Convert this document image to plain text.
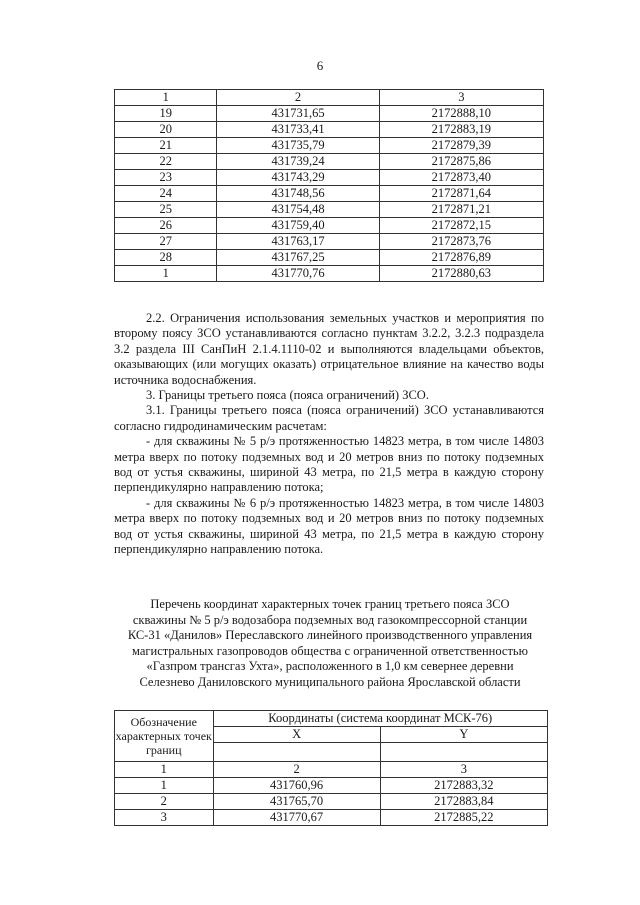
6
1	2	3
19	431731,65	2172888,10
20	431733,41	2172883,19
21	431735,79	2172879,39
22	431739,24	2172875,86
23	431743,29	2172873,40
24	431748,56	2172871,64
25	431754,48	2172871,21
26	431759,40	2172872,15
27	431763,17	2172873,76
28	431767,25	2172876,89
1	431770,76	2172880,63

2.2. Ограничения использования земельных участков и мероприятия по второму поясу ЗСО устанавливаются согласно пунктам 3.2.2, 3.2.3 подраздела 3.2 раздела III СанПиН 2.1.4.1110-02 и выполняются владельцами объектов, оказывающих (или могущих оказать) отрицательное влияние на качество воды источника водоснабжения.

3. Границы третьего пояса (пояса ограничений) ЗСО.

3.1. Границы третьего пояса (пояса ограничений) ЗСО устанавливаются согласно гидродинамическим расчетам:

- для скважины № 5 р/э протяженностью 14823 метра, в том числе 14803 метра вверх по потоку подземных вод и 20 метров вниз по потоку подземных вод от устья скважины, шириной 43 метра, по 21,5 метра в каждую сторону перпендикулярно направлению потока;

- для скважины № 6 р/э протяженностью 14823 метра, в том числе 14803 метра вверх по потоку подземных вод и 20 метров вниз по потоку подземных вод от устья скважины, шириной 43 метра, по 21,5 метра в каждую сторону перпендикулярно направлению потока.

Перечень координат характерных точек границ третьего пояса ЗСО

скважины № 5 р/э водозабора подземных вод газокомпрессорной станции

КС-31 «Данилов» Переславского линейного производственного управления

магистральных газопроводов общества с ограниченной ответственностью

«Газпром трансгаз Ухта», расположенного в 1,0 км севернее деревни

Селезнево Даниловского муниципального района Ярославской области

Обозначение характерных точек границ	Координаты (система координат МСК-76)	
	X	Y

1	2	3
1	431760,96	2172883,32
2	431765,70	2172883,84
3	431770,67	2172885,22
